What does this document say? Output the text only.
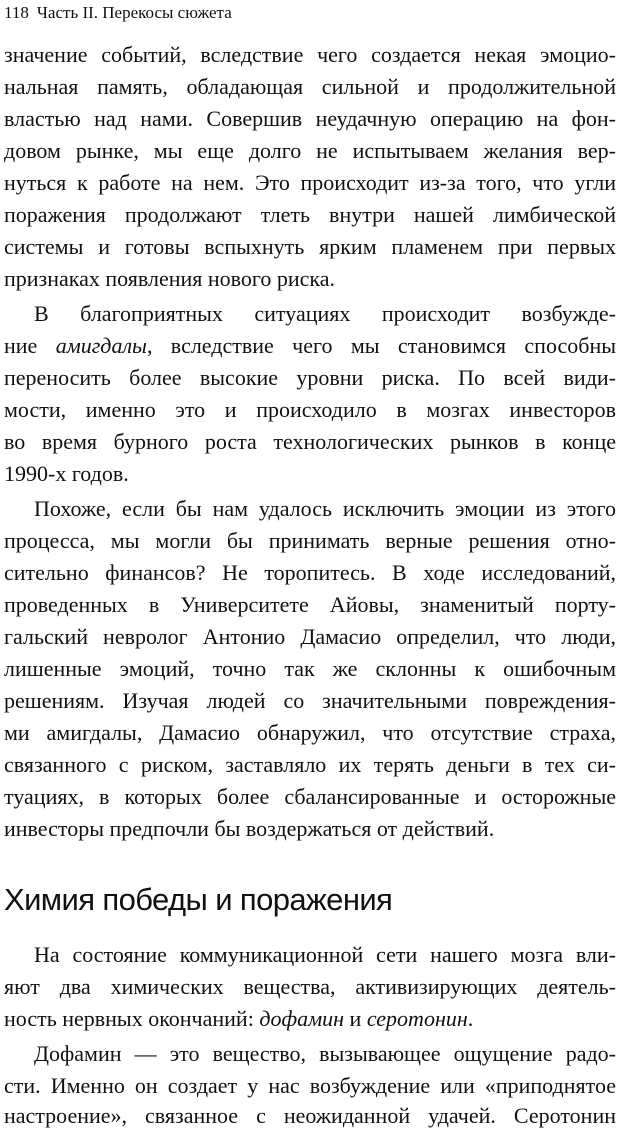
118 Часть II. Перекосы сюжета
значение событий, вследствие чего создается некая эмоцио-
нальная память, обладающая сильной и продолжительной
властью над нами. Совершив неудачную операцию на фон-
довом рынке, мы еще долго не испытываем желания вер-
нуться к работе на нем. Это происходит из-за того, что угли
поражения продолжают тлеть внутри нашей лимбической
системы и готовы вспыхнуть ярким пламенем при первых
признаках появления нового риска.
В благоприятных ситуациях происходит возбужде-
ние амигдалы, вследствие чего мы становимся способны
переносить более высокие уровни риска. По всей види-
мости, именно это и происходило в мозгах инвесторов
во время бурного роста технологических рынков в конце
1990-х годов.
Похоже, если бы нам удалось исключить эмоции из этого
процесса, мы могли бы принимать верные решения отно-
сительно финансов? Не торопитесь. В ходе исследований,
проведенных в Университете Айовы, знаменитый порту-
гальский невролог Антонио Дамасио определил, что люди,
лишенные эмоций, точно так же склонны к ошибочным
решениям. Изучая людей со значительными повреждения-
ми амигдалы, Дамасио обнаружил, что отсутствие страха,
связанного с риском, заставляло их терять деньги в тех си-
туациях, в которых более сбалансированные и осторожные
инвесторы предпочли бы воздержаться от действий.
Химия победы и поражения
На состояние коммуникационной сети нашего мозга вли-
яют два химических вещества, активизирующих деятель-
ность нервных окончаний: дофамин и серотонин.
Дофамин — это вещество, вызывающее ощущение радо-
сти. Именно он создает у нас возбуждение или «приподнятое
настроение», связанное с неожиданной удачей. Серотонин
